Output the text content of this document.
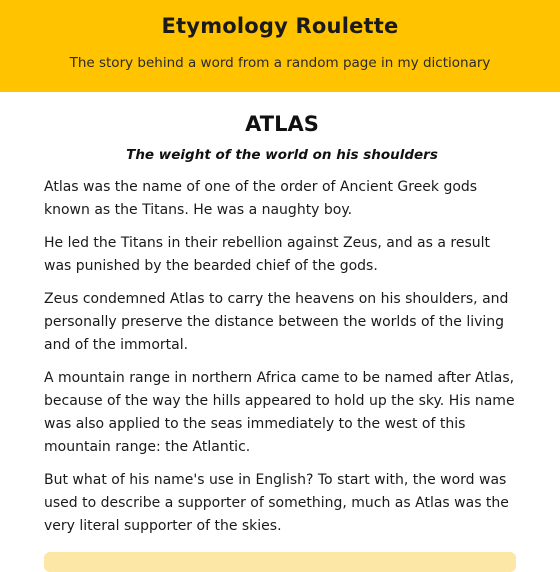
Etymology Roulette
The story behind a word from a random page in my dictionary
ATLAS

The weight of the world on his shoulders

Atlas was the name of one of the order of Ancient Greek gods known as the Titans. He was a naughty boy.

He led the Titans in their rebellion against Zeus, and as a result was punished by the bearded chief of the gods.

Zeus condemned Atlas to carry the heavens on his shoulders, and personally preserve the distance between the worlds of the living and of the immortal.

A mountain range in northern Africa came to be named after Atlas, because of the way the hills appeared to hold up the sky. His name was also applied to the seas immediately to the west of this mountain range: the Atlantic.

But what of his name's use in English? To start with, the word was used to describe a supporter of something, much as Atlas was the very literal supporter of the skies.
